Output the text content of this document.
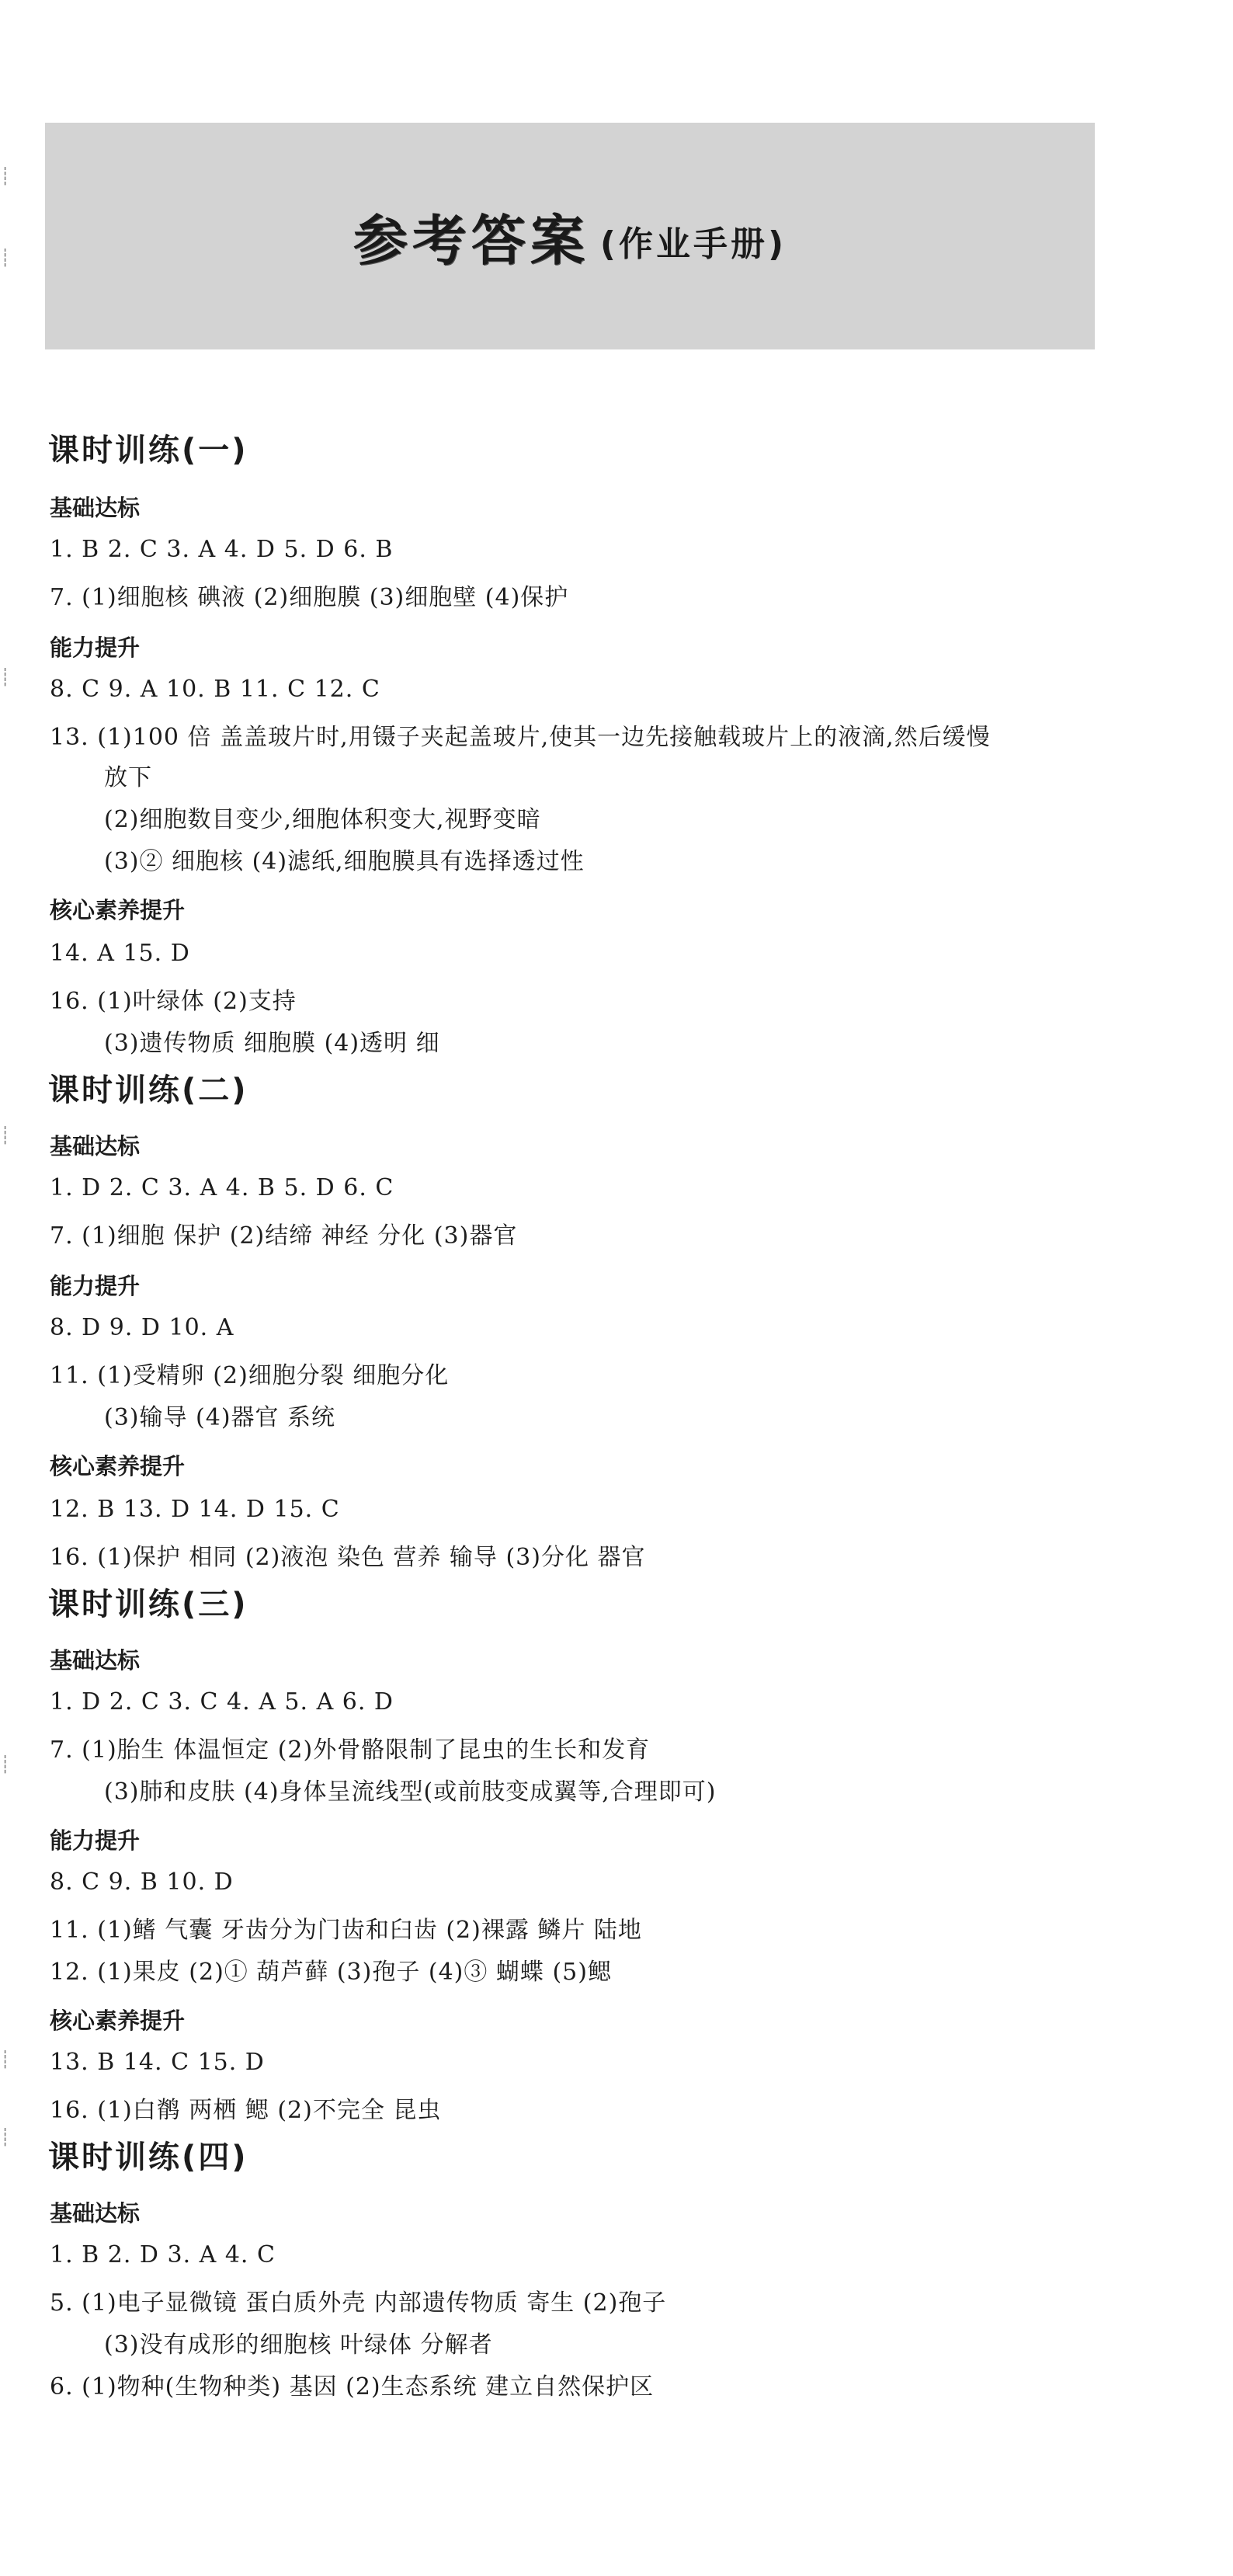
参考答案 (作业手册)
┊
┊
┊
┊
┊
┊
┊
课时训练(一)
基础达标
1. B 2. C 3. A 4. D 5. D 6. B
7. (1)细胞核 碘液 (2)细胞膜 (3)细胞壁 (4)保护
能力提升
8. C 9. A 10. B 11. C 12. C
13. (1)100 倍 盖盖玻片时,用镊子夹起盖玻片,使其一边先接触载玻片上的液滴,然后缓慢
放下
(2)细胞数目变少,细胞体积变大,视野变暗
(3)② 细胞核 (4)滤纸,细胞膜具有选择透过性
核心素养提升
14. A 15. D
16. (1)叶绿体 (2)支持
(3)遗传物质 细胞膜 (4)透明 细
课时训练(二)
基础达标
1. D 2. C 3. A 4. B 5. D 6. C
7. (1)细胞 保护 (2)结缔 神经 分化 (3)器官
能力提升
8. D 9. D 10. A
11. (1)受精卵 (2)细胞分裂 细胞分化
(3)输导 (4)器官 系统
核心素养提升
12. B 13. D 14. D 15. C
16. (1)保护 相同 (2)液泡 染色 营养 输导 (3)分化 器官
课时训练(三)
基础达标
1. D 2. C 3. C 4. A 5. A 6. D
7. (1)胎生 体温恒定 (2)外骨骼限制了昆虫的生长和发育
(3)肺和皮肤 (4)身体呈流线型(或前肢变成翼等,合理即可)
能力提升
8. C 9. B 10. D
11. (1)鳍 气囊 牙齿分为门齿和臼齿 (2)裸露 鳞片 陆地
12. (1)果皮 (2)① 葫芦藓 (3)孢子 (4)③ 蝴蝶 (5)鳃
核心素养提升
13. B 14. C 15. D
16. (1)白鹡 两栖 鳃 (2)不完全 昆虫
课时训练(四)
基础达标
1. B 2. D 3. A 4. C
5. (1)电子显微镜 蛋白质外壳 内部遗传物质 寄生 (2)孢子
(3)没有成形的细胞核 叶绿体 分解者
6. (1)物种(生物种类) 基因 (2)生态系统 建立自然保护区
